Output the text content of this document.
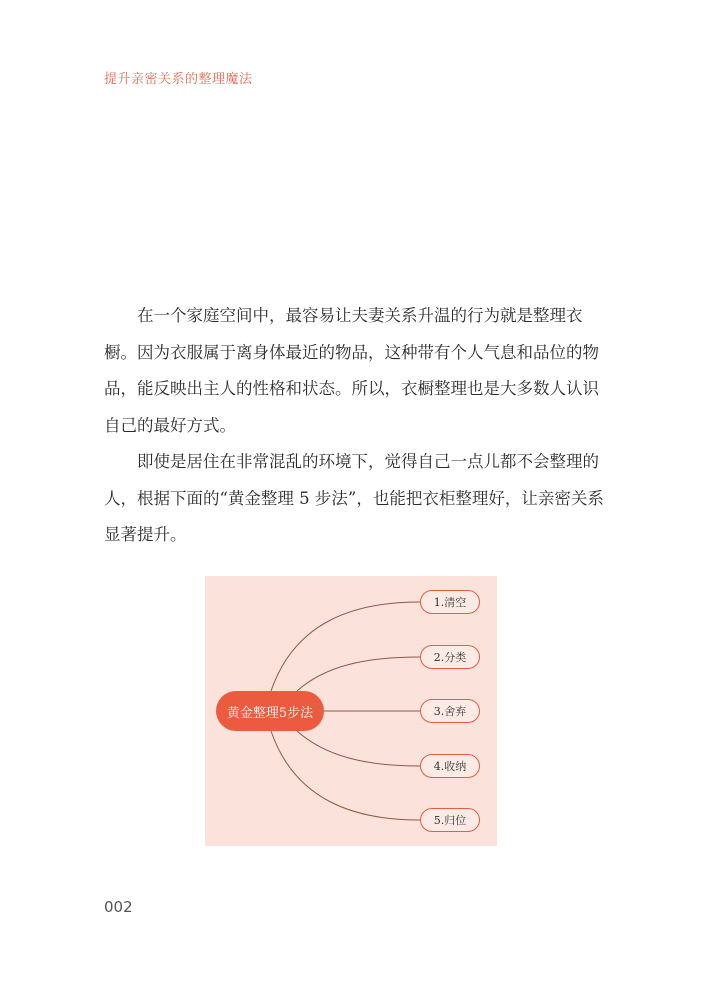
提升亲密关系的整理魔法

在一个家庭空间中，最容易让夫妻关系升温的行为就是整理衣橱。因为衣服属于离身体最近的物品，这种带有个人气息和品位的物品，能反映出主人的性格和状态。所以，衣橱整理也是大多数人认识自己的最好方式。

即使是居住在非常混乱的环境下，觉得自己一点儿都不会整理的人，根据下面的“黄金整理 5 步法”，也能把衣柜整理好，让亲密关系显著提升。

黄金整理5步法
1.清空
2.分类
3.舍弃
4.收纳
5.归位
002
